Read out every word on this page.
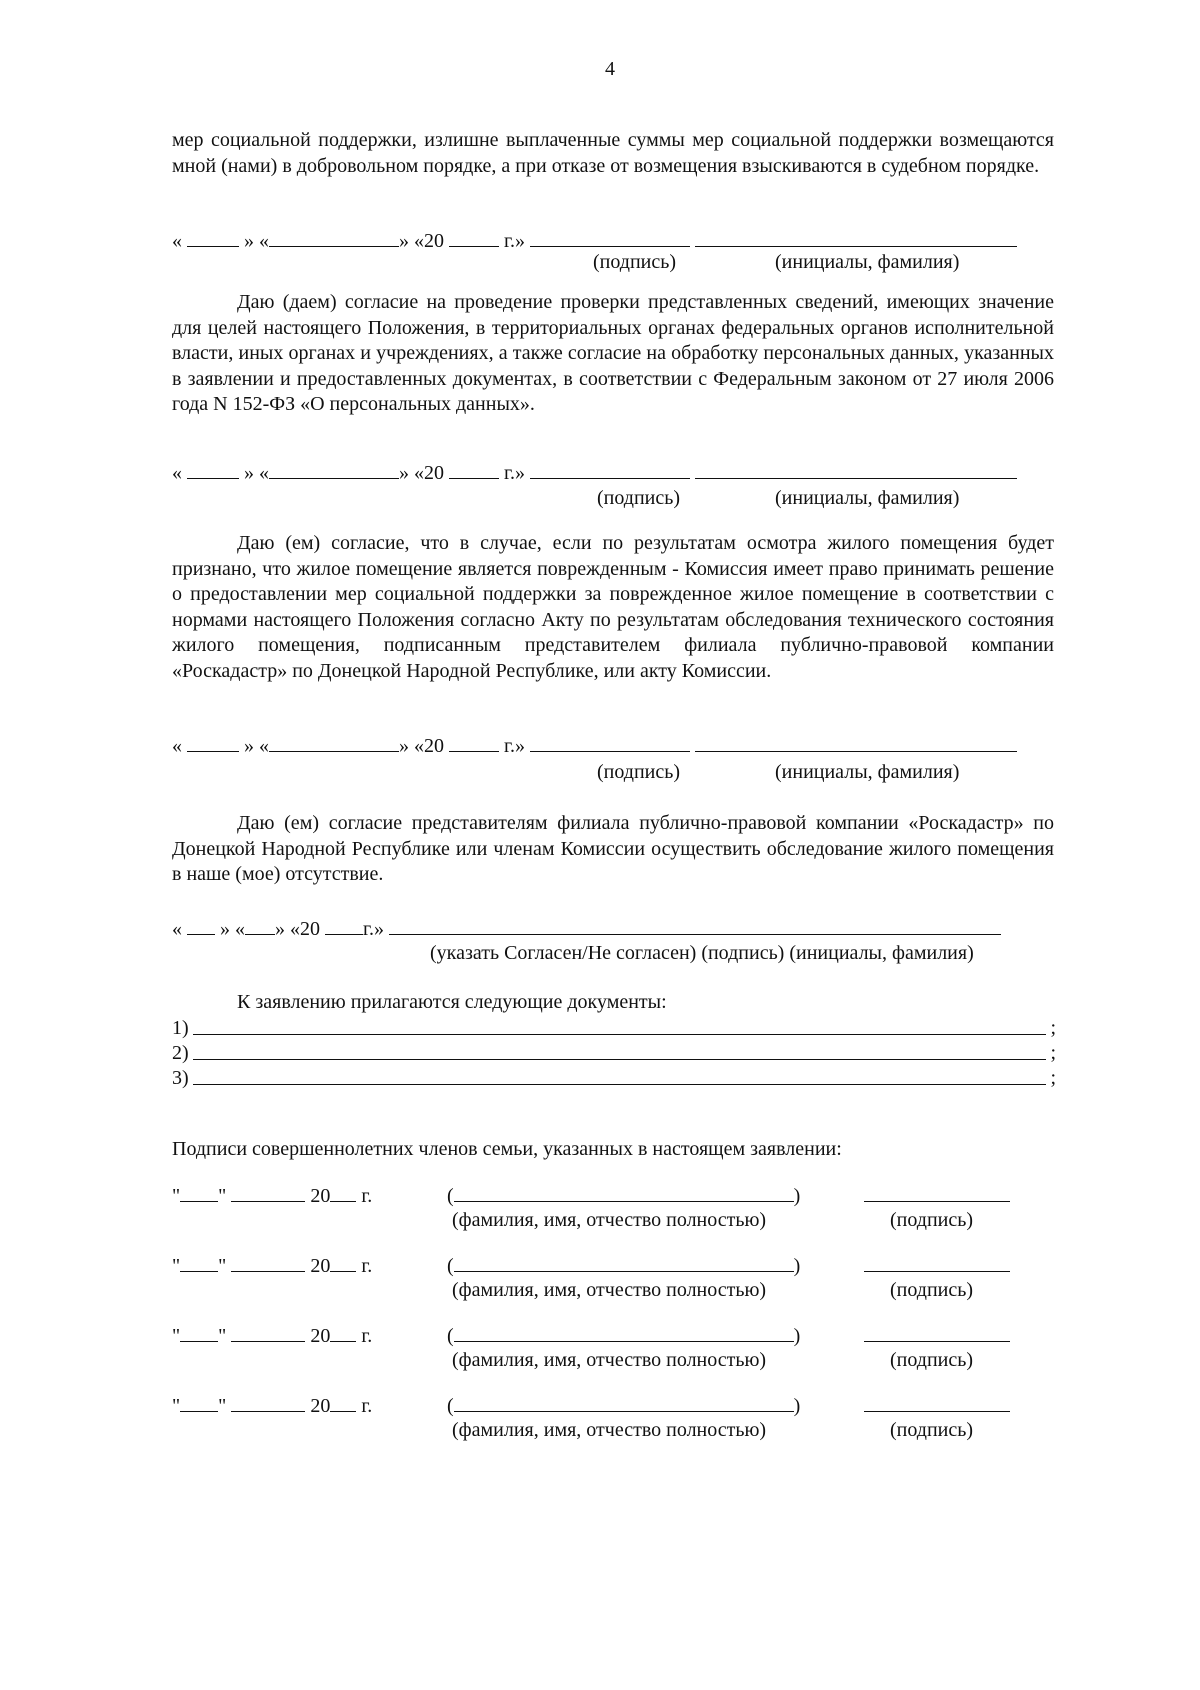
4
мер социальной поддержки, излишне выплаченные суммы мер социальной поддержки возмещаются мной (нами) в добровольном порядке, а при отказе от возмещения взыскиваются в судебном порядке.
«	» «	» «20	г.»
(подпись)	(инициалы, фамилия)
Даю (даем) согласие на проведение проверки представленных сведений, имеющих значение для целей настоящего Положения, в территориальных органах федеральных органов исполнительной власти, иных органах и учреждениях, а также согласие на обработку персональных данных, указанных в заявлении и предоставленных документах, в соответствии с Федеральным законом от 27 июля 2006 года N 152-ФЗ «О персональных данных».
«	» «	» «20	г.»
(подпись)	(инициалы, фамилия)
Даю (ем) согласие, что в случае, если по результатам осмотра жилого помещения будет признано, что жилое помещение является поврежденным - Комиссия имеет право принимать решение о предоставлении мер социальной поддержки за поврежденное жилое помещение в соответствии с нормами настоящего Положения согласно Акту по результатам обследования технического состояния жилого помещения, подписанным представителем филиала публично-правовой компании «Роскадастр» по Донецкой Народной Республике, или акту Комиссии.
«	» «	» «20	г.»
(подпись)	(инициалы, фамилия)
Даю (ем) согласие представителям филиала публично-правовой компании «Роскадастр» по Донецкой Народной Республике или членам Комиссии осуществить обследование жилого помещения в наше (мое) отсутствие.
« » « » «20 г.»
(указать Согласен/Не согласен) (подпись) (инициалы, фамилия)
К заявлению прилагаются следующие документы:
1)	;
2)	;
3)	;
Подписи совершеннолетних членов семьи, указанных в настоящем заявлении:
" "	20 г.	(	)
(фамилия, имя, отчество полностью)	(подпись)
" "	20 г.	(	)
(фамилия, имя, отчество полностью)	(подпись)
" "	20 г.	(	)
(фамилия, имя, отчество полностью)	(подпись)
" "	20 г.	(	)
(фамилия, имя, отчество полностью)	(подпись)
